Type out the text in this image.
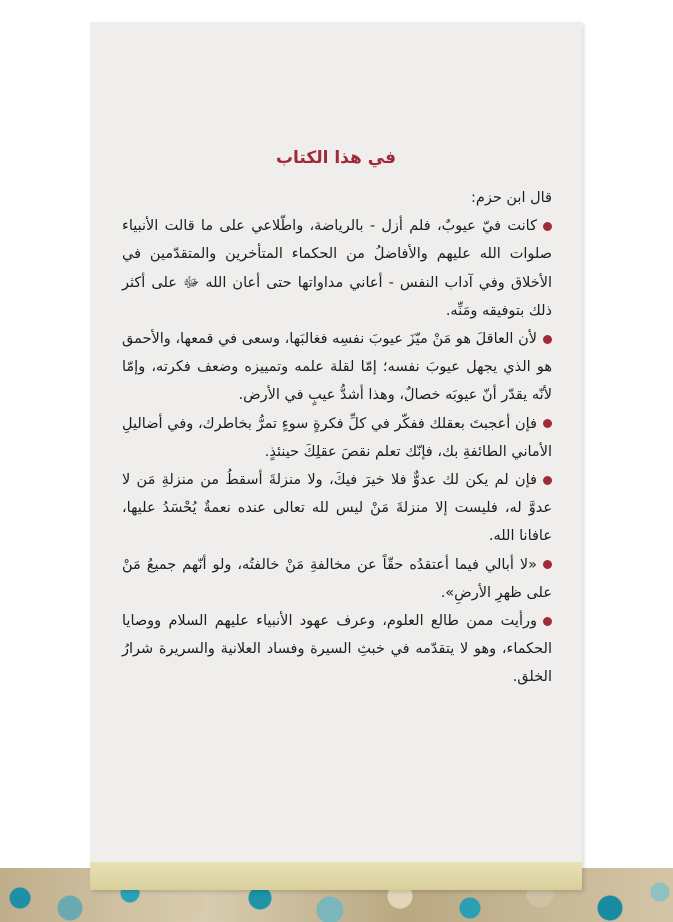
في هذا الكتاب

قال ابن حزم:

كانت فيّ عيوبٌ، فلم أزل - بالرياضة، واطّلاعي على ما قالت الأنبياء صلوات الله عليهم والأفاضلُ من الحكماء المتأخرين والمتقدّمين في الأخلاق وفي آداب النفس - أعاني مداواتها حتى أعان الله ﷻ على أكثر ذلك بتوفيقه ومَنِّه.

لأن العاقلَ هو مَنْ ميّزَ عيوبَ نفسِه فغالبَها، وسعى في قمعها، والأحمق هو الذي يجهل عيوبَ نفسه؛ إمّا لقلة علمه وتمييزه وضعف فكرته، وإمّا لأنّه يقدّر أنّ عيوبَه خصالٌ، وهذا أشدُّ عيبٍ في الأرض.

فإن أعجبتَ بعقلك ففكّر في كلِّ فكرةٍ سوءٍ تمرُّ بخاطرك، وفي أضاليلِ الأماني الطائفةِ بك، فإنّك تعلم نقصَ عقلِكَ حينئذٍ.

فإن لم يكن لك عدوٌّ فلا خيرَ فيكَ، ولا منزلةَ أسقطُ من منزلةِ مَن لا عدوَّ له، فليست إلا منزلةَ مَنْ ليس لله تعالى عنده نعمةٌ يُحْسَدُ عليها، عافانا الله.

«لا أبالي فيما أعتقدُه حقّاً عن مخالفةِ مَنْ خالفتُه، ولو أنّهم جميعُ مَنْ على ظهرِ الأرضِ».

ورأيت ممن طالع العلوم، وعرف عهود الأنبياء عليهم السلام ووصايا الحكماء، وهو لا يتقدّمه في خبثِ السيرة وفساد العلانية والسريرة شرارُ الخلق.
